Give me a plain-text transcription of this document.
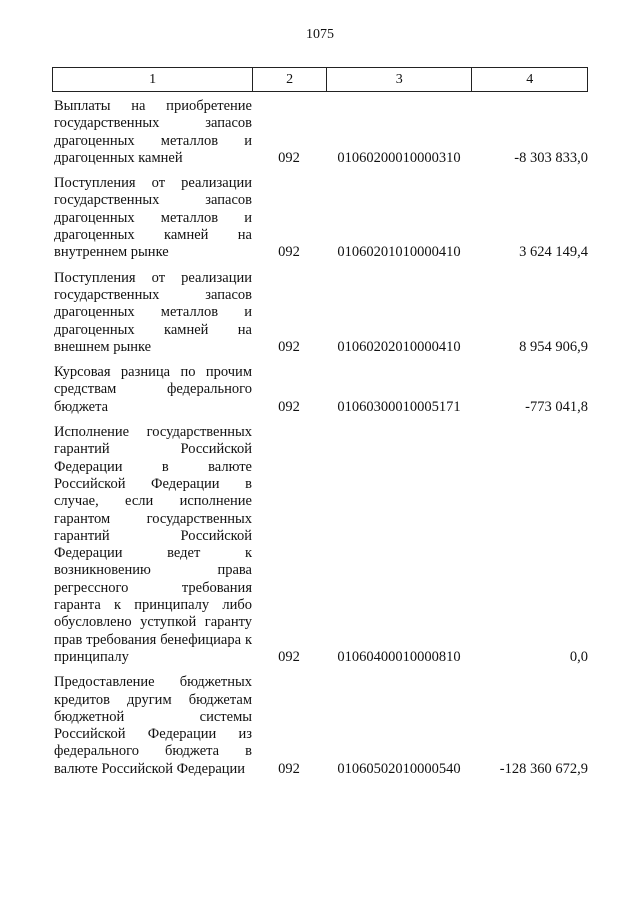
1075
1	2	3	4
Выплаты на приобретение государственных запасов драгоценных металлов и драгоценных камней	092	01060200010000310	-8 303 833,0
Поступления от реализации государственных запасов драгоценных металлов и драгоценных камней на внутреннем рынке	092	01060201010000410	3 624 149,4
Поступления от реализации государственных запасов драгоценных металлов и драгоценных камней на внешнем рынке	092	01060202010000410	8 954 906,9
Курсовая разница по прочим средствам федерального бюджета	092	01060300010005171	-773 041,8
Исполнение государственных гарантий Российской Федерации в валюте Российской Федерации в случае, если исполнение гарантом государственных гарантий Российской Федерации ведет к возникновению права регрессного требования гаранта к принципалу либо обусловлено уступкой гаранту прав требования бенефициара к принципалу	092	01060400010000810	0,0
Предоставление бюджетных кредитов другим бюджетам бюджетной системы Российской Федерации из федерального бюджета в валюте Российской Федерации	092	01060502010000540	-128 360 672,9
